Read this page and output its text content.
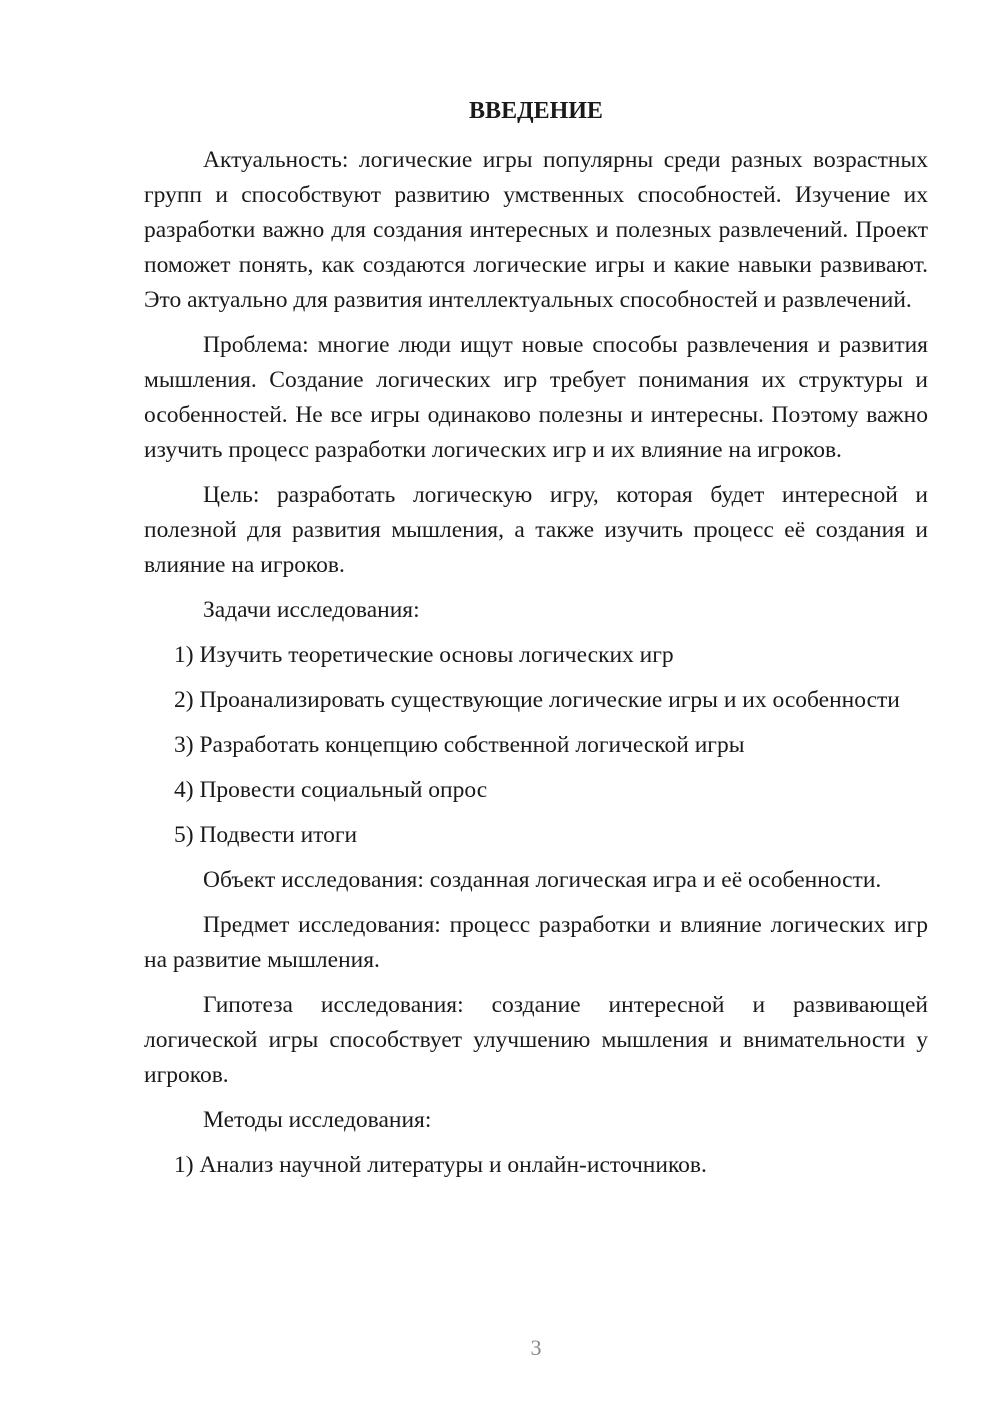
ВВЕДЕНИЕ

Актуальность: логические игры популярны среди разных возрастных групп и способствуют развитию умственных способностей. Изучение их разработки важно для создания интересных и полезных развлечений. Проект поможет понять, как создаются логические игры и какие навыки развивают. Это актуально для развития интеллектуальных способностей и развлечений.

Проблема: многие люди ищут новые способы развлечения и развития мышления. Создание логических игр требует понимания их структуры и особенностей. Не все игры одинаково полезны и интересны. Поэтому важно изучить процесс разработки логических игр и их влияние на игроков.

Цель: разработать логическую игру, которая будет интересной и полезной для развития мышления, а также изучить процесс её создания и влияние на игроков.

Задачи исследования:

1) Изучить теоретические основы логических игр

2) Проанализировать существующие логические игры и их особенности

3) Разработать концепцию собственной логической игры

4) Провести социальный опрос

5) Подвести итоги

Объект исследования: созданная логическая игра и её особенности.

Предмет исследования: процесс разработки и влияние логических игр на развитие мышления.

Гипотеза исследования: создание интересной и развивающей логической игры способствует улучшению мышления и внимательности у игроков.

Методы исследования:

1) Анализ научной литературы и онлайн-источников.

3
